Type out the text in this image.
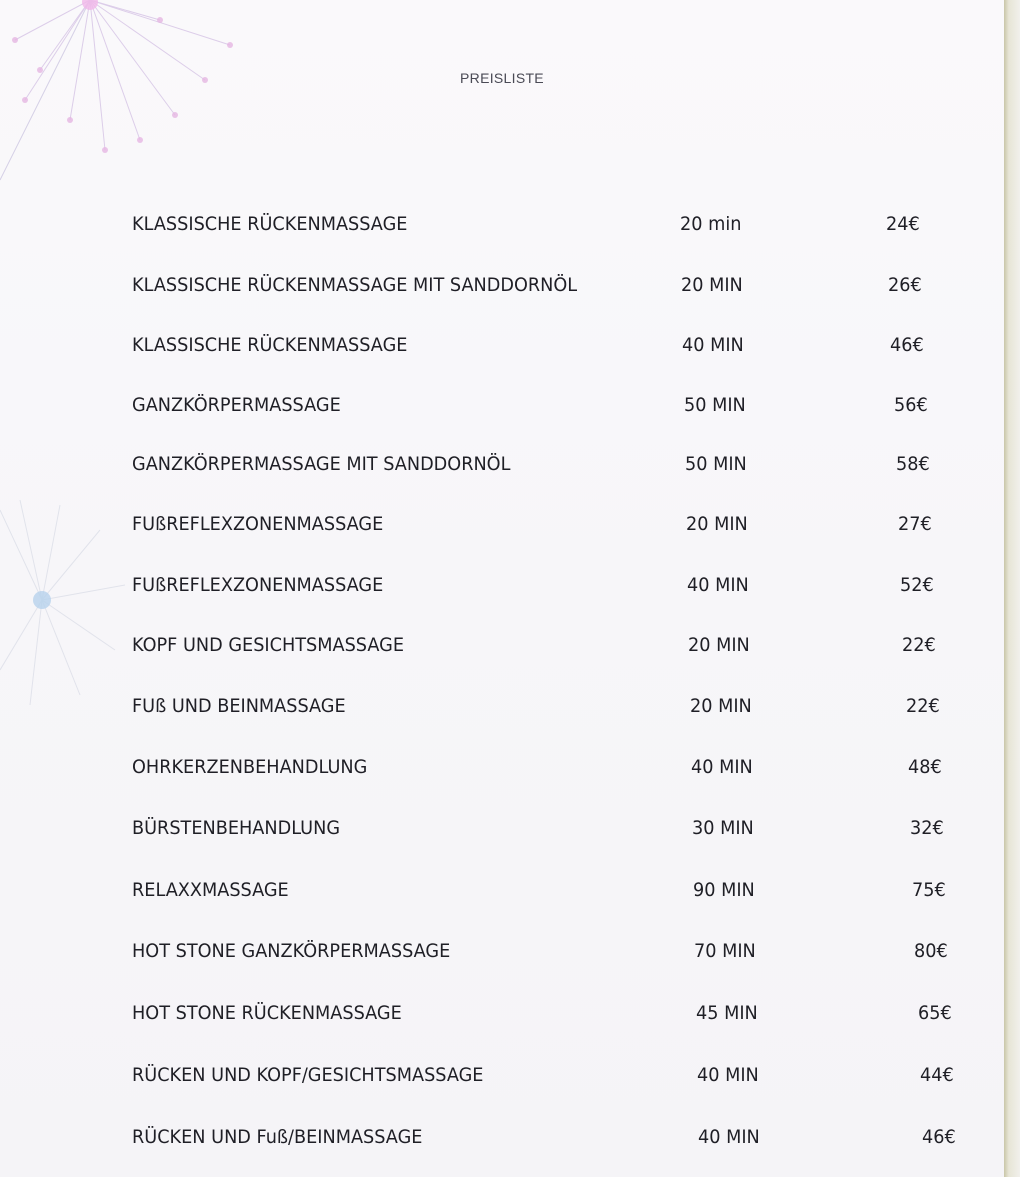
PREISLISTE
KLASSISCHE RÜCKENMASSAGE	20 min	24€
KLASSISCHE RÜCKENMASSAGE MIT SANDDORNÖL	20 MIN	26€
KLASSISCHE RÜCKENMASSAGE	40 MIN	46€
GANZKÖRPERMASSAGE	50 MIN	56€
GANZKÖRPERMASSAGE MIT SANDDORNÖL	50 MIN	58€
FUßREFLEXZONENMASSAGE	20 MIN	27€
FUßREFLEXZONENMASSAGE	40 MIN	52€
KOPF UND GESICHTSMASSAGE	20 MIN	22€
FUß UND BEINMASSAGE	20 MIN	22€
OHRKERZENBEHANDLUNG	40 MIN	48€
BÜRSTENBEHANDLUNG	30 MIN	32€
RELAXXMASSAGE	90 MIN	75€
HOT STONE GANZKÖRPERMASSAGE	70 MIN	80€
HOT STONE RÜCKENMASSAGE	45 MIN	65€
RÜCKEN UND KOPF/GESICHTSMASSAGE	40 MIN	44€
RÜCKEN UND Fuß/BEINMASSAGE	40 MIN	46€
